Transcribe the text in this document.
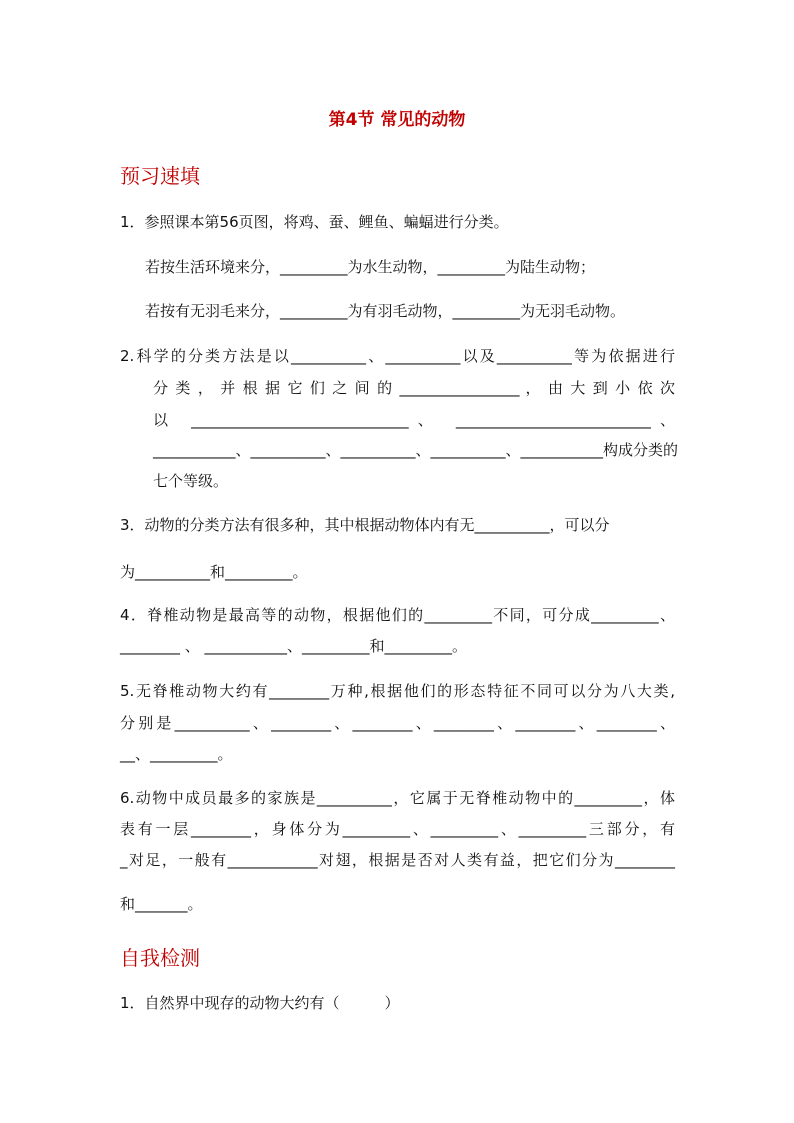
第4节 常见的动物
预习速填
1．参照课本第56页图，将鸡、蚕、鲤鱼、蝙蝠进行分类。
若按生活环境来分，_________为水生动物，_________为陆生动物；
若按有无羽毛来分，_________为有羽毛动物，_________为无羽毛动物。
2.科学的分类方法是以__________、__________以及__________等为依据进行
分 类 ， 并 根 据 它 们 之 间 的 ________________ ， 由 大 到 小 依 次
以 _____________________________、 __________________________、
___________、__________、__________、__________、___________构成分类的
七个等级。
3．动物的分类方法有很多种，其中根据动物体内有无__________，可以分
为__________和_________。
4．脊椎动物是最高等的动物，根据他们的_________不同，可分成_________、
________ 、 ___________、_________和_________。
5.无脊椎动物大约有________万种,根据他们的形态特征不同可以分为八大类,
分别是__________、________、________、________、________、________、
__、_________。
6.动物中成员最多的家族是__________，它属于无脊椎动物中的_________，体
表有一层________，身体分为_________、_________、_________三部分，有
_对足，一般有____________对翅，根据是否对人类有益，把它们分为________
和_______。
自我检测
1．自然界中现存的动物大约有（　　　）
